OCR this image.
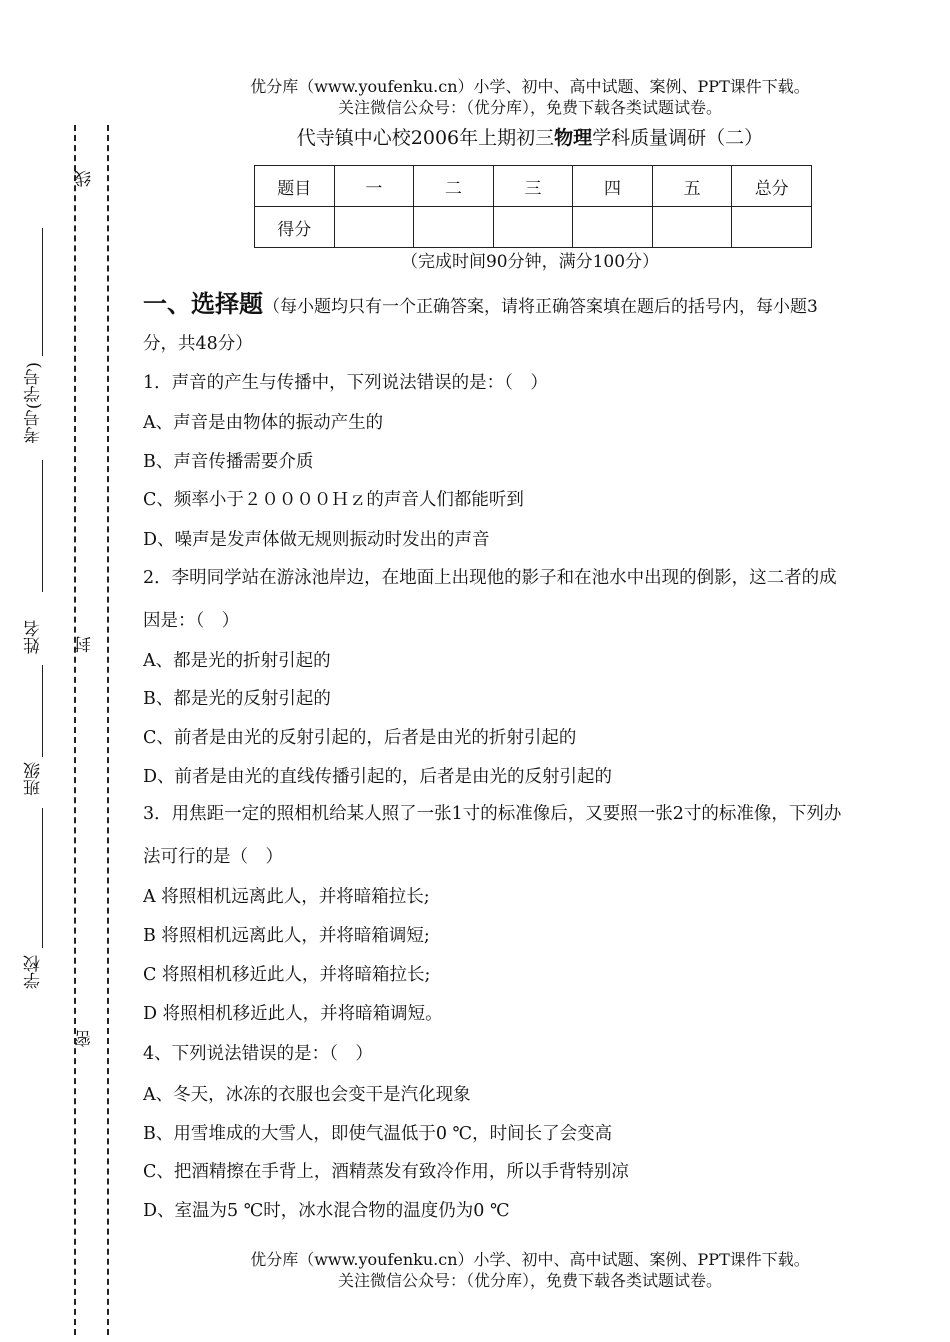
线
封
密
考号(学号)
姓名
班级
学校
优分库（www.youfenku.cn）小学、初中、高中试题、案例、PPT课件下载。
关注微信公众号：（优分库），免费下载各类试题试卷。
代寺镇中心校2006年上期初三物理学科质量调研（二）
题目	一	二	三	四	五	总分
得分						
（完成时间90分钟，满分100分）
一、选择题（每小题均只有一个正确答案，请将正确答案填在题后的括号内，每小题3
分，共48分）
1．声音的产生与传播中，下列说法错误的是：（　）
A、声音是由物体的振动产生的
B、声音传播需要介质
C、频率小于２００００Ｈｚ的声音人们都能听到
D、噪声是发声体做无规则振动时发出的声音
2．李明同学站在游泳池岸边，在地面上出现他的影子和在池水中出现的倒影，这二者的成
因是：（　）
A、都是光的折射引起的
B、都是光的反射引起的
C、前者是由光的反射引起的，后者是由光的折射引起的
D、前者是由光的直线传播引起的，后者是由光的反射引起的
3．用焦距一定的照相机给某人照了一张1寸的标准像后，又要照一张2寸的标准像，下列办
法可行的是（　）
A 将照相机远离此人，并将暗箱拉长;
B 将照相机远离此人，并将暗箱调短;
C 将照相机移近此人，并将暗箱拉长;
D 将照相机移近此人，并将暗箱调短。
4、下列说法错误的是：（　）
A、冬天，冰冻的衣服也会变干是汽化现象
B、用雪堆成的大雪人，即使气温低于0 ℃，时间长了会变高
C、把酒精擦在手背上，酒精蒸发有致冷作用，所以手背特别凉
D、室温为5 ℃时，冰水混合物的温度仍为0 ℃
优分库（www.youfenku.cn）小学、初中、高中试题、案例、PPT课件下载。
关注微信公众号：（优分库），免费下载各类试题试卷。
